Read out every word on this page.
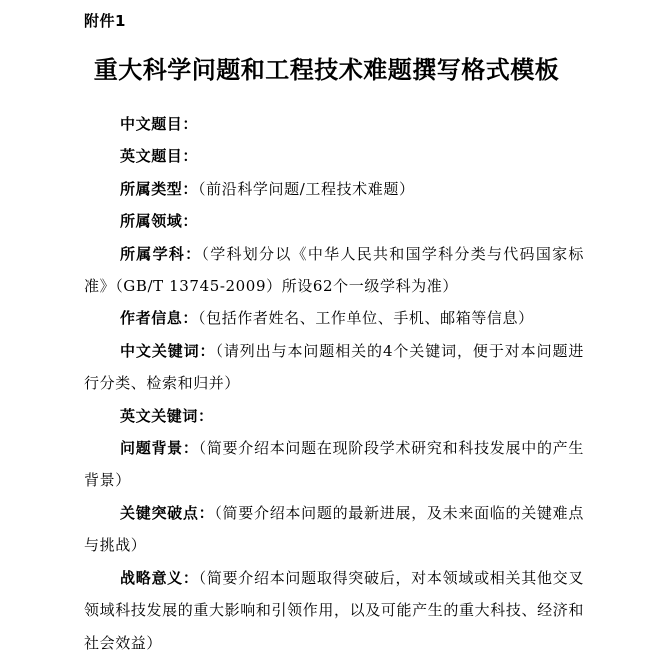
附件1
重大科学问题和工程技术难题撰写格式模板

中文题目：

英文题目：

所属类型：（前沿科学问题/工程技术难题）

所属领域：

所属学科：（学科划分以《中华人民共和国学科分类与代码国家标准》（GB/T 13745-2009）所设62个一级学科为准）

作者信息：（包括作者姓名、工作单位、手机、邮箱等信息）

中文关键词：（请列出与本问题相关的4个关键词，便于对本问题进行分类、检索和归并）

英文关键词：

问题背景：（简要介绍本问题在现阶段学术研究和科技发展中的产生背景）

关键突破点：（简要介绍本问题的最新进展，及未来面临的关键难点与挑战）

战略意义：（简要介绍本问题取得突破后，对本领域或相关其他交叉领域科技发展的重大影响和引领作用，以及可能产生的重大科技、经济和社会效益）
